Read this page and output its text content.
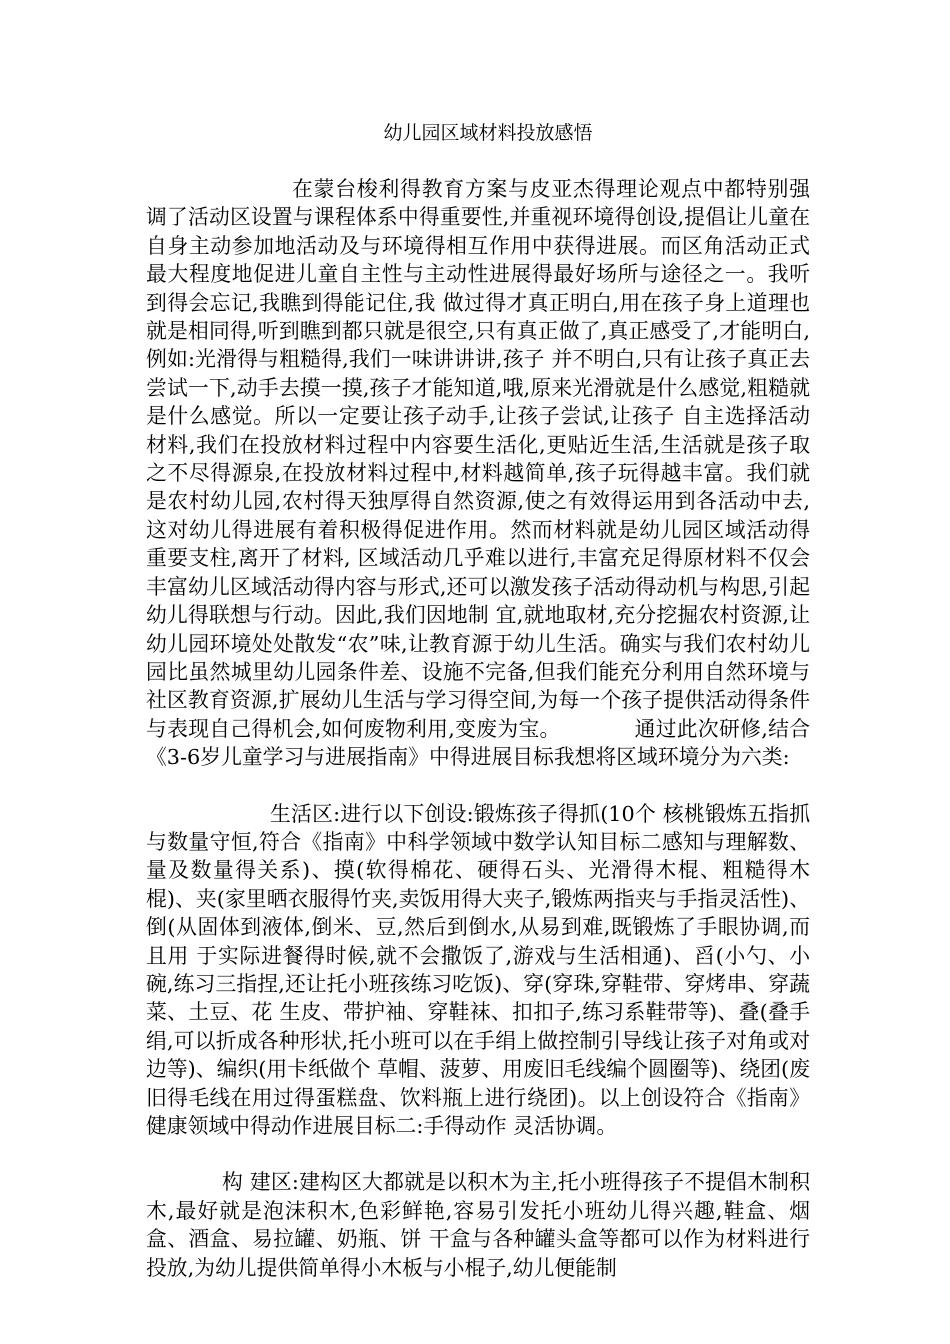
幼儿园区域材料投放感悟

在蒙台梭利得教育方案与皮亚杰得理论观点中都特别强调了活动区设置与课程体系中得重要性,并重视环境得创设,提倡让儿童在自身主动参加地活动及与环境得相互作用中获得进展。而区角活动正式最大程度地促进儿童自主性与主动性进展得最好场所与途径之一。我听到得会忘记,我瞧到得能记住,我 做过得才真正明白,用在孩子身上道理也就是相同得,听到瞧到都只就是很空,只有真正做了,真正感受了,才能明白,例如:光滑得与粗糙得,我们一味讲讲讲,孩子 并不明白,只有让孩子真正去尝试一下,动手去摸一摸,孩子才能知道,哦,原来光滑就是什么感觉,粗糙就是什么感觉。所以一定要让孩子动手,让孩子尝试,让孩子 自主选择活动材料,我们在投放材料过程中内容要生活化,更贴近生活,生活就是孩子取之不尽得源泉,在投放材料过程中,材料越简单,孩子玩得越丰富。我们就是农村幼儿园,农村得天独厚得自然资源,使之有效得运用到各活动中去,这对幼儿得进展有着积极得促进作用。然而材料就是幼儿园区域活动得重要支柱,离开了材料, 区域活动几乎难以进行,丰富充足得原材料不仅会丰富幼儿区域活动得内容与形式,还可以激发孩子活动得动机与构思,引起幼儿得联想与行动。因此,我们因地制 宜,就地取材,充分挖掘农村资源,让幼儿园环境处处散发“农”味,让教育源于幼儿生活。确实与我们农村幼儿园比虽然城里幼儿园条件差、设施不完备,但我们能充分利用自然环境与社区教育资源,扩展幼儿生活与学习得空间,为每一个孩子提供活动得条件与表现自己得机会,如何废物利用,变废为宝。　　　　通过此次研修,结合《3-6岁儿童学习与进展指南》中得进展目标我想将区域环境分为六类:

生活区:进行以下创设:锻炼孩子得抓(10个 核桃锻炼五指抓与数量守恒,符合《指南》中科学领域中数学认知目标二感知与理解数、量及数量得关系)、摸(软得棉花、硬得石头、光滑得木棍、粗糙得木 棍)、夹(家里晒衣服得竹夹,卖饭用得大夹子,锻炼两指夹与手指灵活性)、倒(从固体到液体,倒米、豆,然后到倒水,从易到难,既锻炼了手眼协调,而且用 于实际进餐得时候,就不会撒饭了,游戏与生活相通)、舀(小勺、小碗,练习三指捏,还让托小班孩练习吃饭)、穿(穿珠,穿鞋带、穿烤串、穿蔬菜、土豆、花 生皮、带护袖、穿鞋袜、扣扣子,练习系鞋带等)、叠(叠手绢,可以折成各种形状,托小班可以在手绢上做控制引导线让孩子对角或对边等)、编织(用卡纸做个 草帽、菠萝、用废旧毛线编个圆圈等)、绕团(废旧得毛线在用过得蛋糕盘、饮料瓶上进行绕团)。以上创设符合《指南》健康领域中得动作进展目标二:手得动作 灵活协调。

构 建区:建构区大都就是以积木为主,托小班得孩子不提倡木制积木,最好就是泡沫积木,色彩鲜艳,容易引发托小班幼儿得兴趣,鞋盒、烟盒、酒盒、易拉罐、奶瓶、饼 干盒与各种罐头盒等都可以作为材料进行投放,为幼儿提供简单得小木板与小棍子,幼儿便能制
